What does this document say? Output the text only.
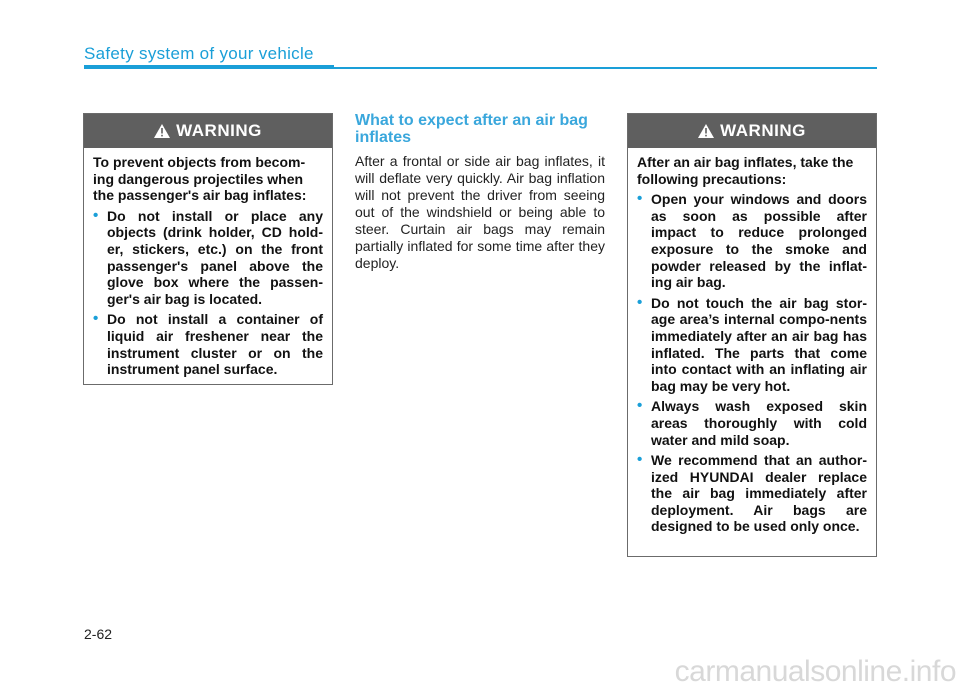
Safety system of your vehicle
WARNING

To prevent objects from becom-ing dangerous projectiles when the passenger's air bag inflates:

• Do not install or place any objects (drink holder, CD hold-er, stickers, etc.) on the front passenger's panel above the glove box where the passen-ger's air bag is located.
• Do not install a container of liquid air freshener near the instrument cluster or on the instrument panel surface.
What to expect after an air bag inflates
After a frontal or side air bag inflates, it will deflate very quickly. Air bag inflation will not prevent the driver from seeing out of the windshield or being able to steer. Curtain air bags may remain partially inflated for some time after they deploy.
WARNING

After an air bag inflates, take the following precautions:

• Open your windows and doors as soon as possible after impact to reduce prolonged exposure to the smoke and powder released by the inflat-ing air bag.
• Do not touch the air bag stor-age area’s internal compo-nents immediately after an air bag has inflated. The parts that come into contact with an inflating air bag may be very hot.
• Always wash exposed skin areas thoroughly with cold water and mild soap.
• We recommend that an author-ized HYUNDAI dealer replace the air bag immediately after deployment. Air bags are designed to be used only once.
2-62
carmanualsonline.info
